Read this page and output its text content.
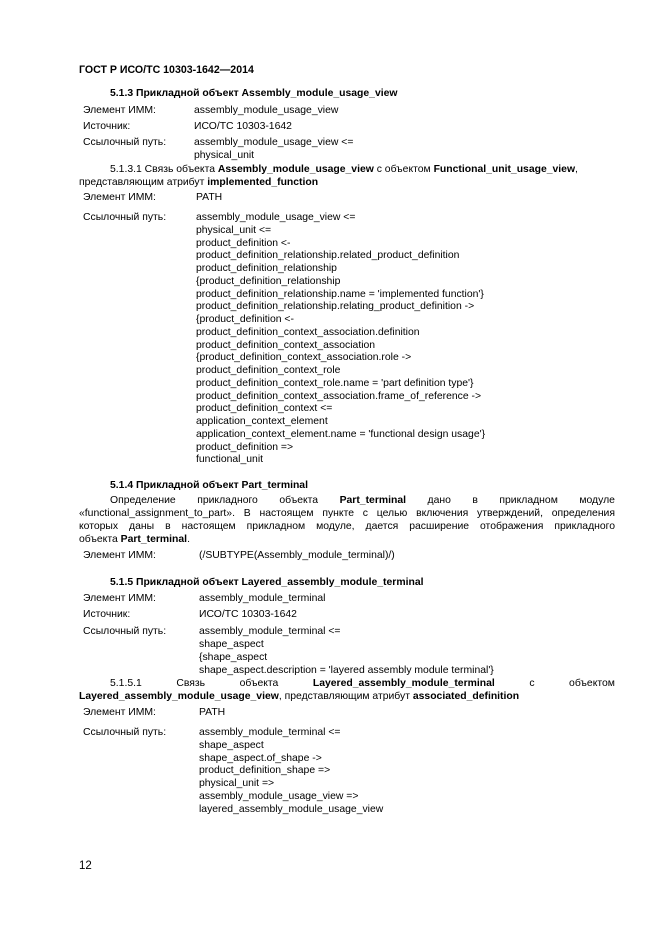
ГОСТ Р ИСО/ТС 10303-1642—2014
5.1.3 Прикладной объект Assembly_module_usage_view
Элемент ИММ:	assembly_module_usage_view
Источник:	ИСО/ТС 10303-1642
Ссылочный путь:	assembly_module_usage_view <=
physical_unit
5.1.3.1 Связь объекта Assembly_module_usage_view с объектом Functional_unit_usage_view,
представляющим атрибут implemented_function
Элемент ИММ:	PATH
Ссылочный путь:	assembly_module_usage_view <=
physical_unit <=
product_definition <-
product_definition_relationship.related_product_definition
product_definition_relationship
{product_definition_relationship
product_definition_relationship.name = 'implemented function'}
product_definition_relationship.relating_product_definition ->
{product_definition <-
product_definition_context_association.definition
product_definition_context_association
{product_definition_context_association.role ->
product_definition_context_role
product_definition_context_role.name = 'part definition type'}
product_definition_context_association.frame_of_reference ->
product_definition_context <=
application_context_element
application_context_element.name = 'functional design usage'}
product_definition =>
functional_unit
5.1.4 Прикладной объект Part_terminal
Определение прикладного объекта Part_terminal дано в прикладном модуле
«functional_assignment_to_part». В настоящем пункте с целью включения утверждений, определения
которых даны в настоящем прикладном модуле, дается расширение отображения прикладного
объекта Part_terminal.
Элемент ИММ:	(/SUBTYPE(Assembly_module_terminal)/)
5.1.5 Прикладной объект Layered_assembly_module_terminal
Элемент ИММ:	assembly_module_terminal
Источник:	ИСО/ТС 10303-1642
Ссылочный путь:	assembly_module_terminal <=
shape_aspect
{shape_aspect
shape_aspect.description = 'layered assembly module terminal'}
5.1.5.1	Связь	объекта	Layered_assembly_module_terminal	с	объектом
Layered_assembly_module_usage_view, представляющим атрибут associated_definition
Элемент ИММ:	PATH
Ссылочный путь:	assembly_module_terminal <=
shape_aspect
shape_aspect.of_shape ->
product_definition_shape =>
physical_unit =>
assembly_module_usage_view =>
layered_assembly_module_usage_view
12
